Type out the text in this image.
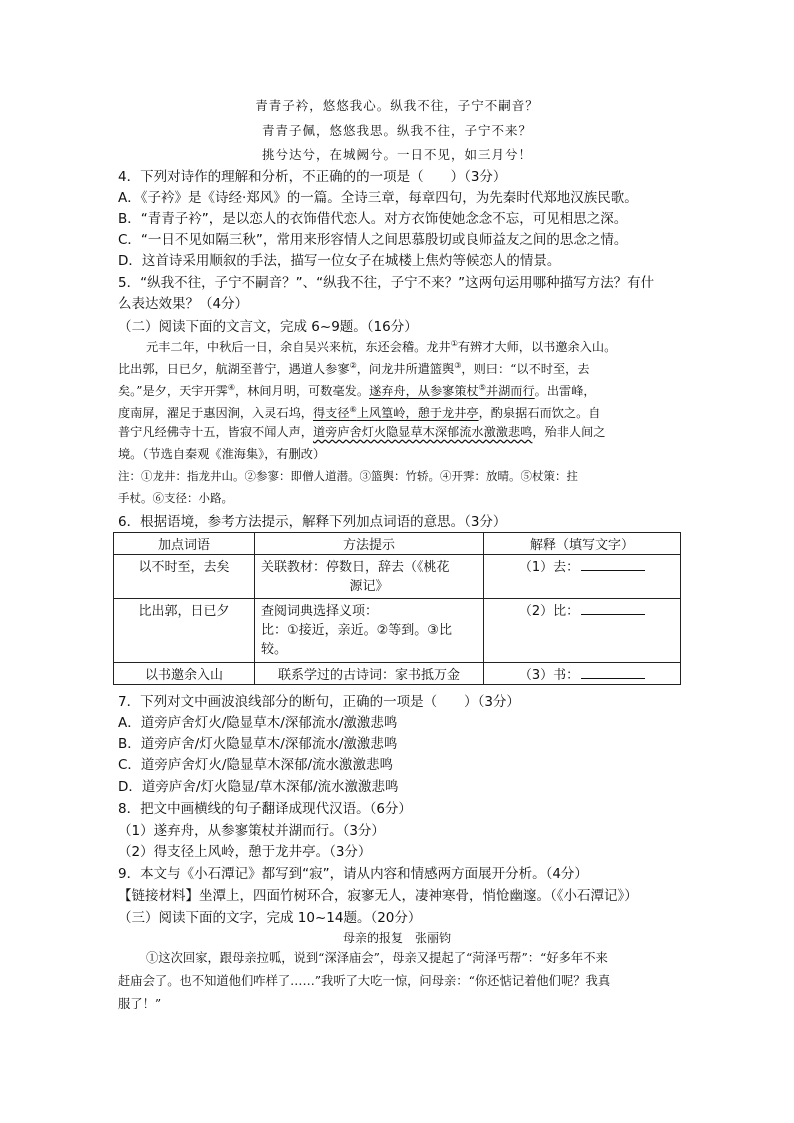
青青子衿，悠悠我心。纵我不往，子宁不嗣音？
青青子佩，悠悠我思。纵我不往，子宁不来？
挑兮达兮，在城阙兮。一日不见，如三月兮！
4．下列对诗作的理解和分析，不正确的的一项是（　　）（3分）
A．《子衿》是《诗经·郑风》的一篇。全诗三章，每章四句，为先秦时代郑地汉族民歌。
B．“青青子衿”，是以恋人的衣饰借代恋人。对方衣饰使她念念不忘，可见相思之深。
C．“一日不见如隔三秋”，常用来形容情人之间思慕殷切或良师益友之间的思念之情。
D．这首诗采用顺叙的手法，描写一位女子在城楼上焦灼等候恋人的情景。
5．“纵我不往，子宁不嗣音？”、“纵我不往，子宁不来？”这两句运用哪种描写方法？有什
么表达效果？（4分）
（二）阅读下面的文言文，完成 6~9题。（16分）
元丰二年，中秋后一日，余自吴兴来杭，东还会稽。龙井①有辨才大师，以书邀余入山。
比出郭，日已夕，航湖至普宁，遇道人参寥②，问龙井所遣篮舆③，则曰：“以不时至，去
矣。”是夕，天宇开霁④，林间月明，可数毫发。遂弃舟，从参寥策杖⑤并湖而行。出雷峰，
度南屏，濯足于惠因涧，入灵石坞，得支径⑥上风篁岭，憩于龙井亭，酌泉据石而饮之。自
普宁凡经佛寺十五，皆寂不闻人声，道旁庐舍灯火隐显草木深郁流水激激悲鸣，殆非人间之
境。（节选自秦观《淮海集》，有删改）
注：①龙井：指龙井山。②参寥：即僧人道潜。③篮舆：竹轿。④开霁：放晴。⑤杖策：拄
手杖。⑥支径：小路。
6．根据语境，参考方法提示，解释下列加点词语的意思。（3分）
加点词语	方法提示	解释（填写文字）
以不时至，去矣	关联教材：停数日，辞去（《桃花
源记》	（1）去：
比出郭，日已夕	查阅词典选择义项：
比：①接近，亲近。②等到。③比
较。	（2）比：
以书邀余入山	联系学过的古诗词：家书抵万金	（3）书：
7．下列对文中画波浪线部分的断句，正确的一项是（　　）（3分）
A．道旁庐舍灯火/隐显草木/深郁流水/激激悲鸣
B．道旁庐舍/灯火隐显草木/深郁流水/激激悲鸣
C．道旁庐舍灯火/隐显草木深郁/流水激激悲鸣
D．道旁庐舍/灯火隐显/草木深郁/流水激激悲鸣
8．把文中画横线的句子翻译成现代汉语。（6分）
（1）遂弃舟，从参寥策杖并湖而行。（3分）
（2）得支径上风岭，憩于龙井亭。（3分）
9．本文与《小石潭记》都写到“寂”，请从内容和情感两方面展开分析。（4分）
【链接材料】坐潭上，四面竹树环合，寂寥无人，凄神寒骨，悄怆幽邃。（《小石潭记》）
（三）阅读下面的文字，完成 10~14题。（20分）
母亲的报复　张丽钧
①这次回家，跟母亲拉呱，说到“深泽庙会”，母亲又提起了“菏泽丐帮”：“好多年不来
赶庙会了。也不知道他们咋样了……”我听了大吃一惊，问母亲：“你还惦记着他们呢？我真
服了！”
